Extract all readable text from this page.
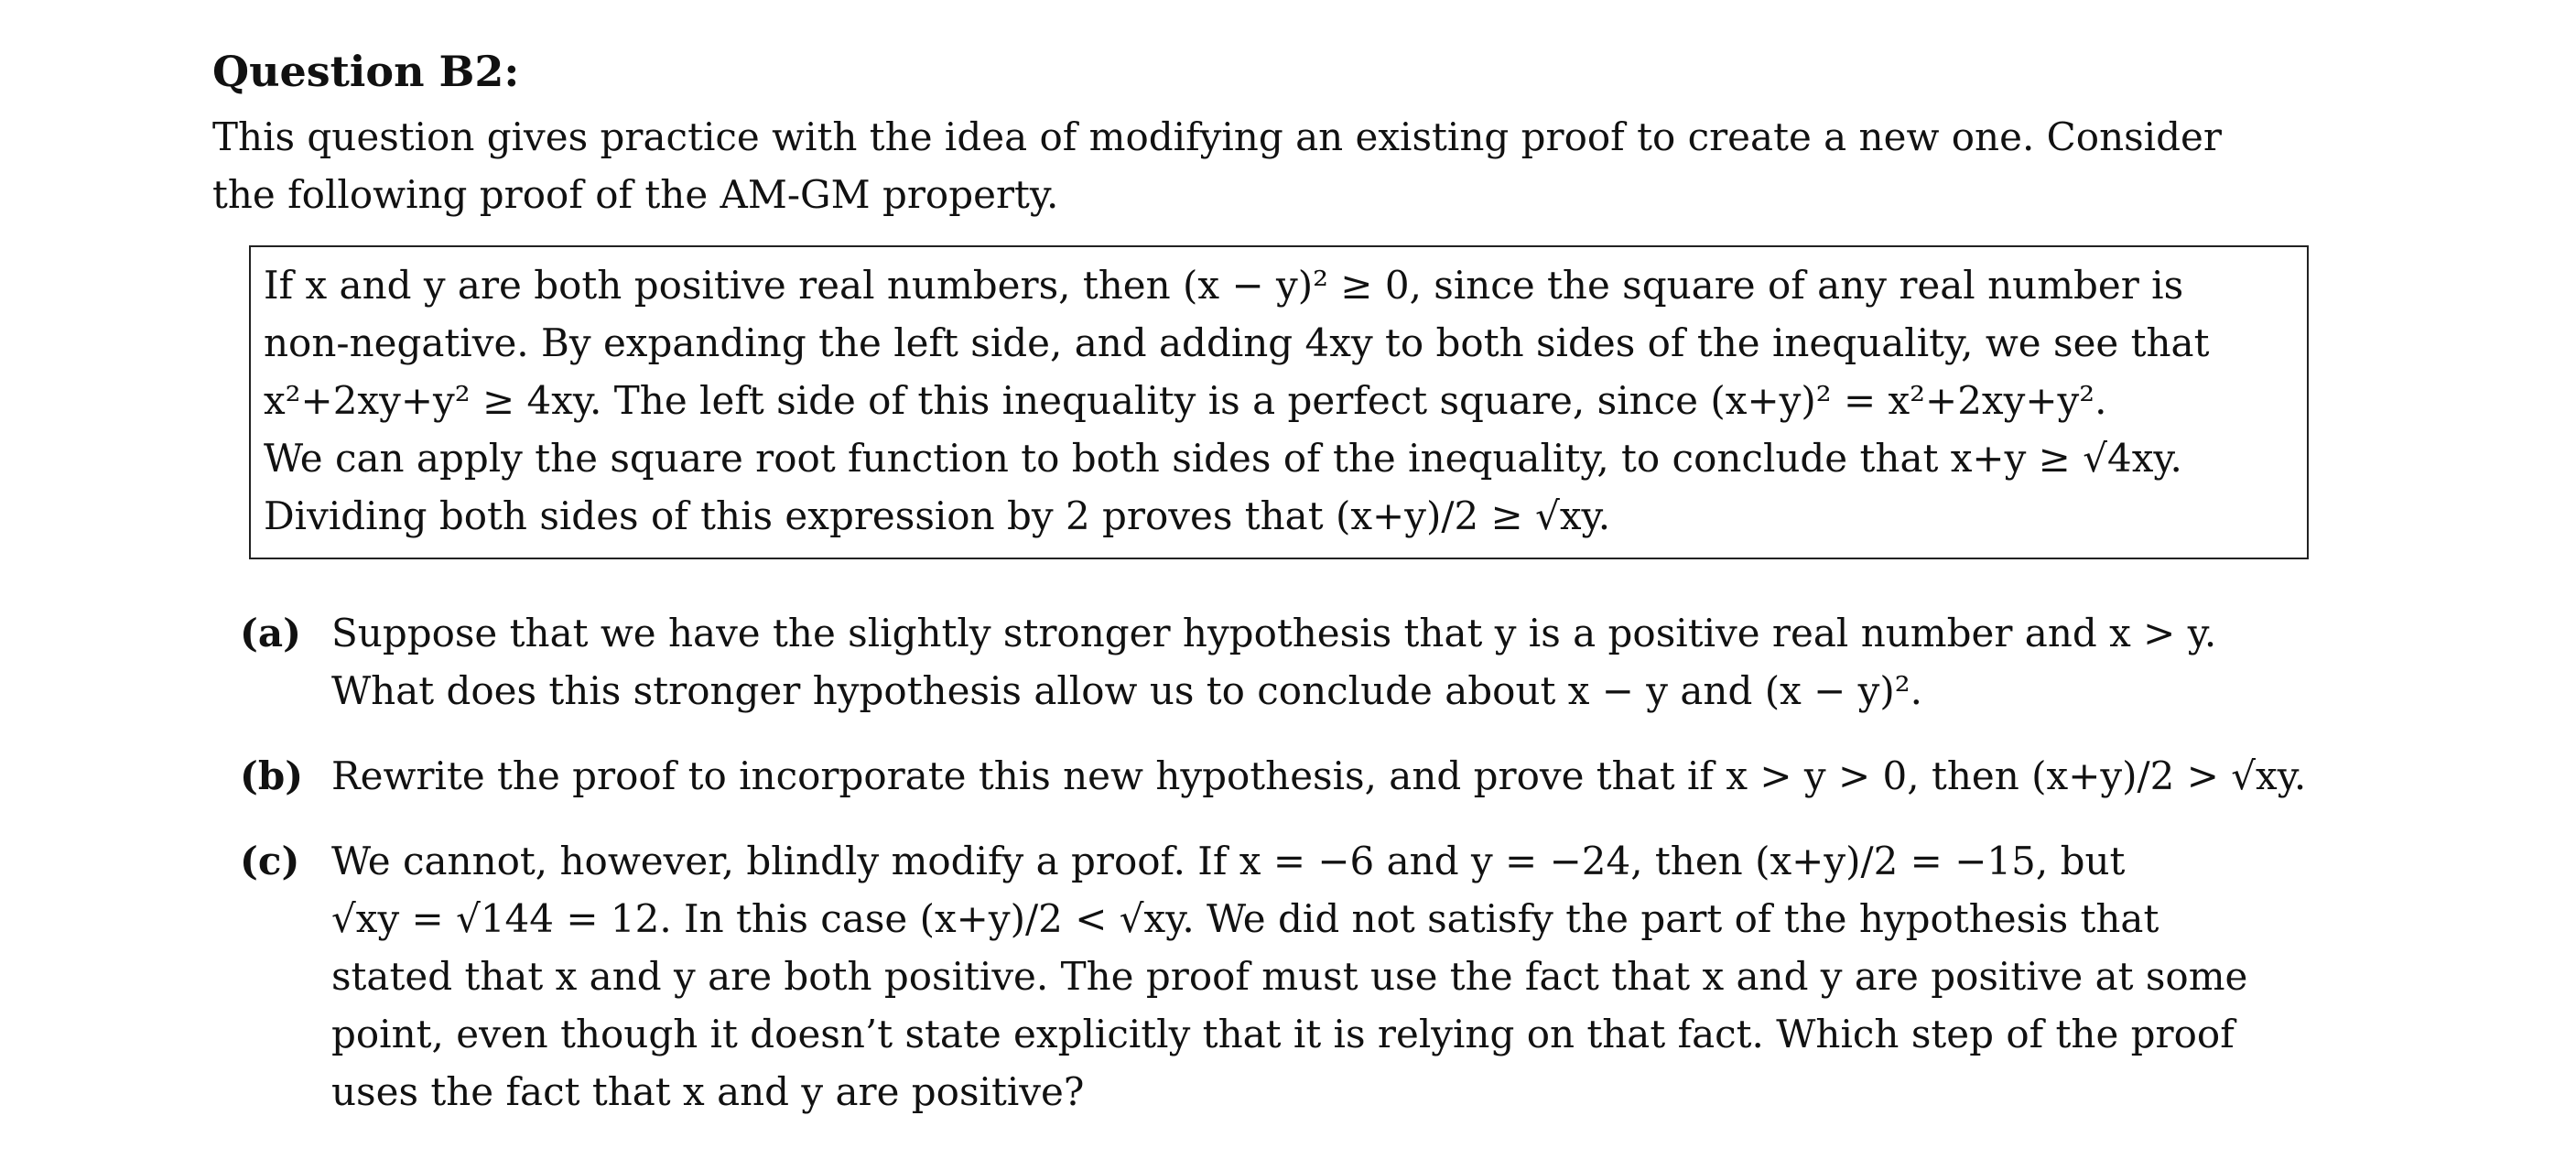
Question B2:
This question gives practice with the idea of modifying an existing proof to create a new one. Consider
the following proof of the AM-GM property.
If x and y are both positive real numbers, then (x − y)² ≥ 0, since the square of any real number is
non-negative. By expanding the left side, and adding 4xy to both sides of the inequality, we see that
x²+2xy+y² ≥ 4xy. The left side of this inequality is a perfect square, since (x+y)² = x²+2xy+y².
We can apply the square root function to both sides of the inequality, to conclude that x+y ≥ √4xy.
Dividing both sides of this expression by 2 proves that (x+y)/2 ≥ √xy.
(a) Suppose that we have the slightly stronger hypothesis that y is a positive real number and x > y.
What does this stronger hypothesis allow us to conclude about x − y and (x − y)².
(b) Rewrite the proof to incorporate this new hypothesis, and prove that if x > y > 0, then (x+y)/2 > √xy.
(c) We cannot, however, blindly modify a proof. If x = −6 and y = −24, then (x+y)/2 = −15, but
√xy = √144 = 12. In this case (x+y)/2 < √xy. We did not satisfy the part of the hypothesis that
stated that x and y are both positive. The proof must use the fact that x and y are positive at some
point, even though it doesn’t state explicitly that it is relying on that fact. Which step of the proof
uses the fact that x and y are positive?
